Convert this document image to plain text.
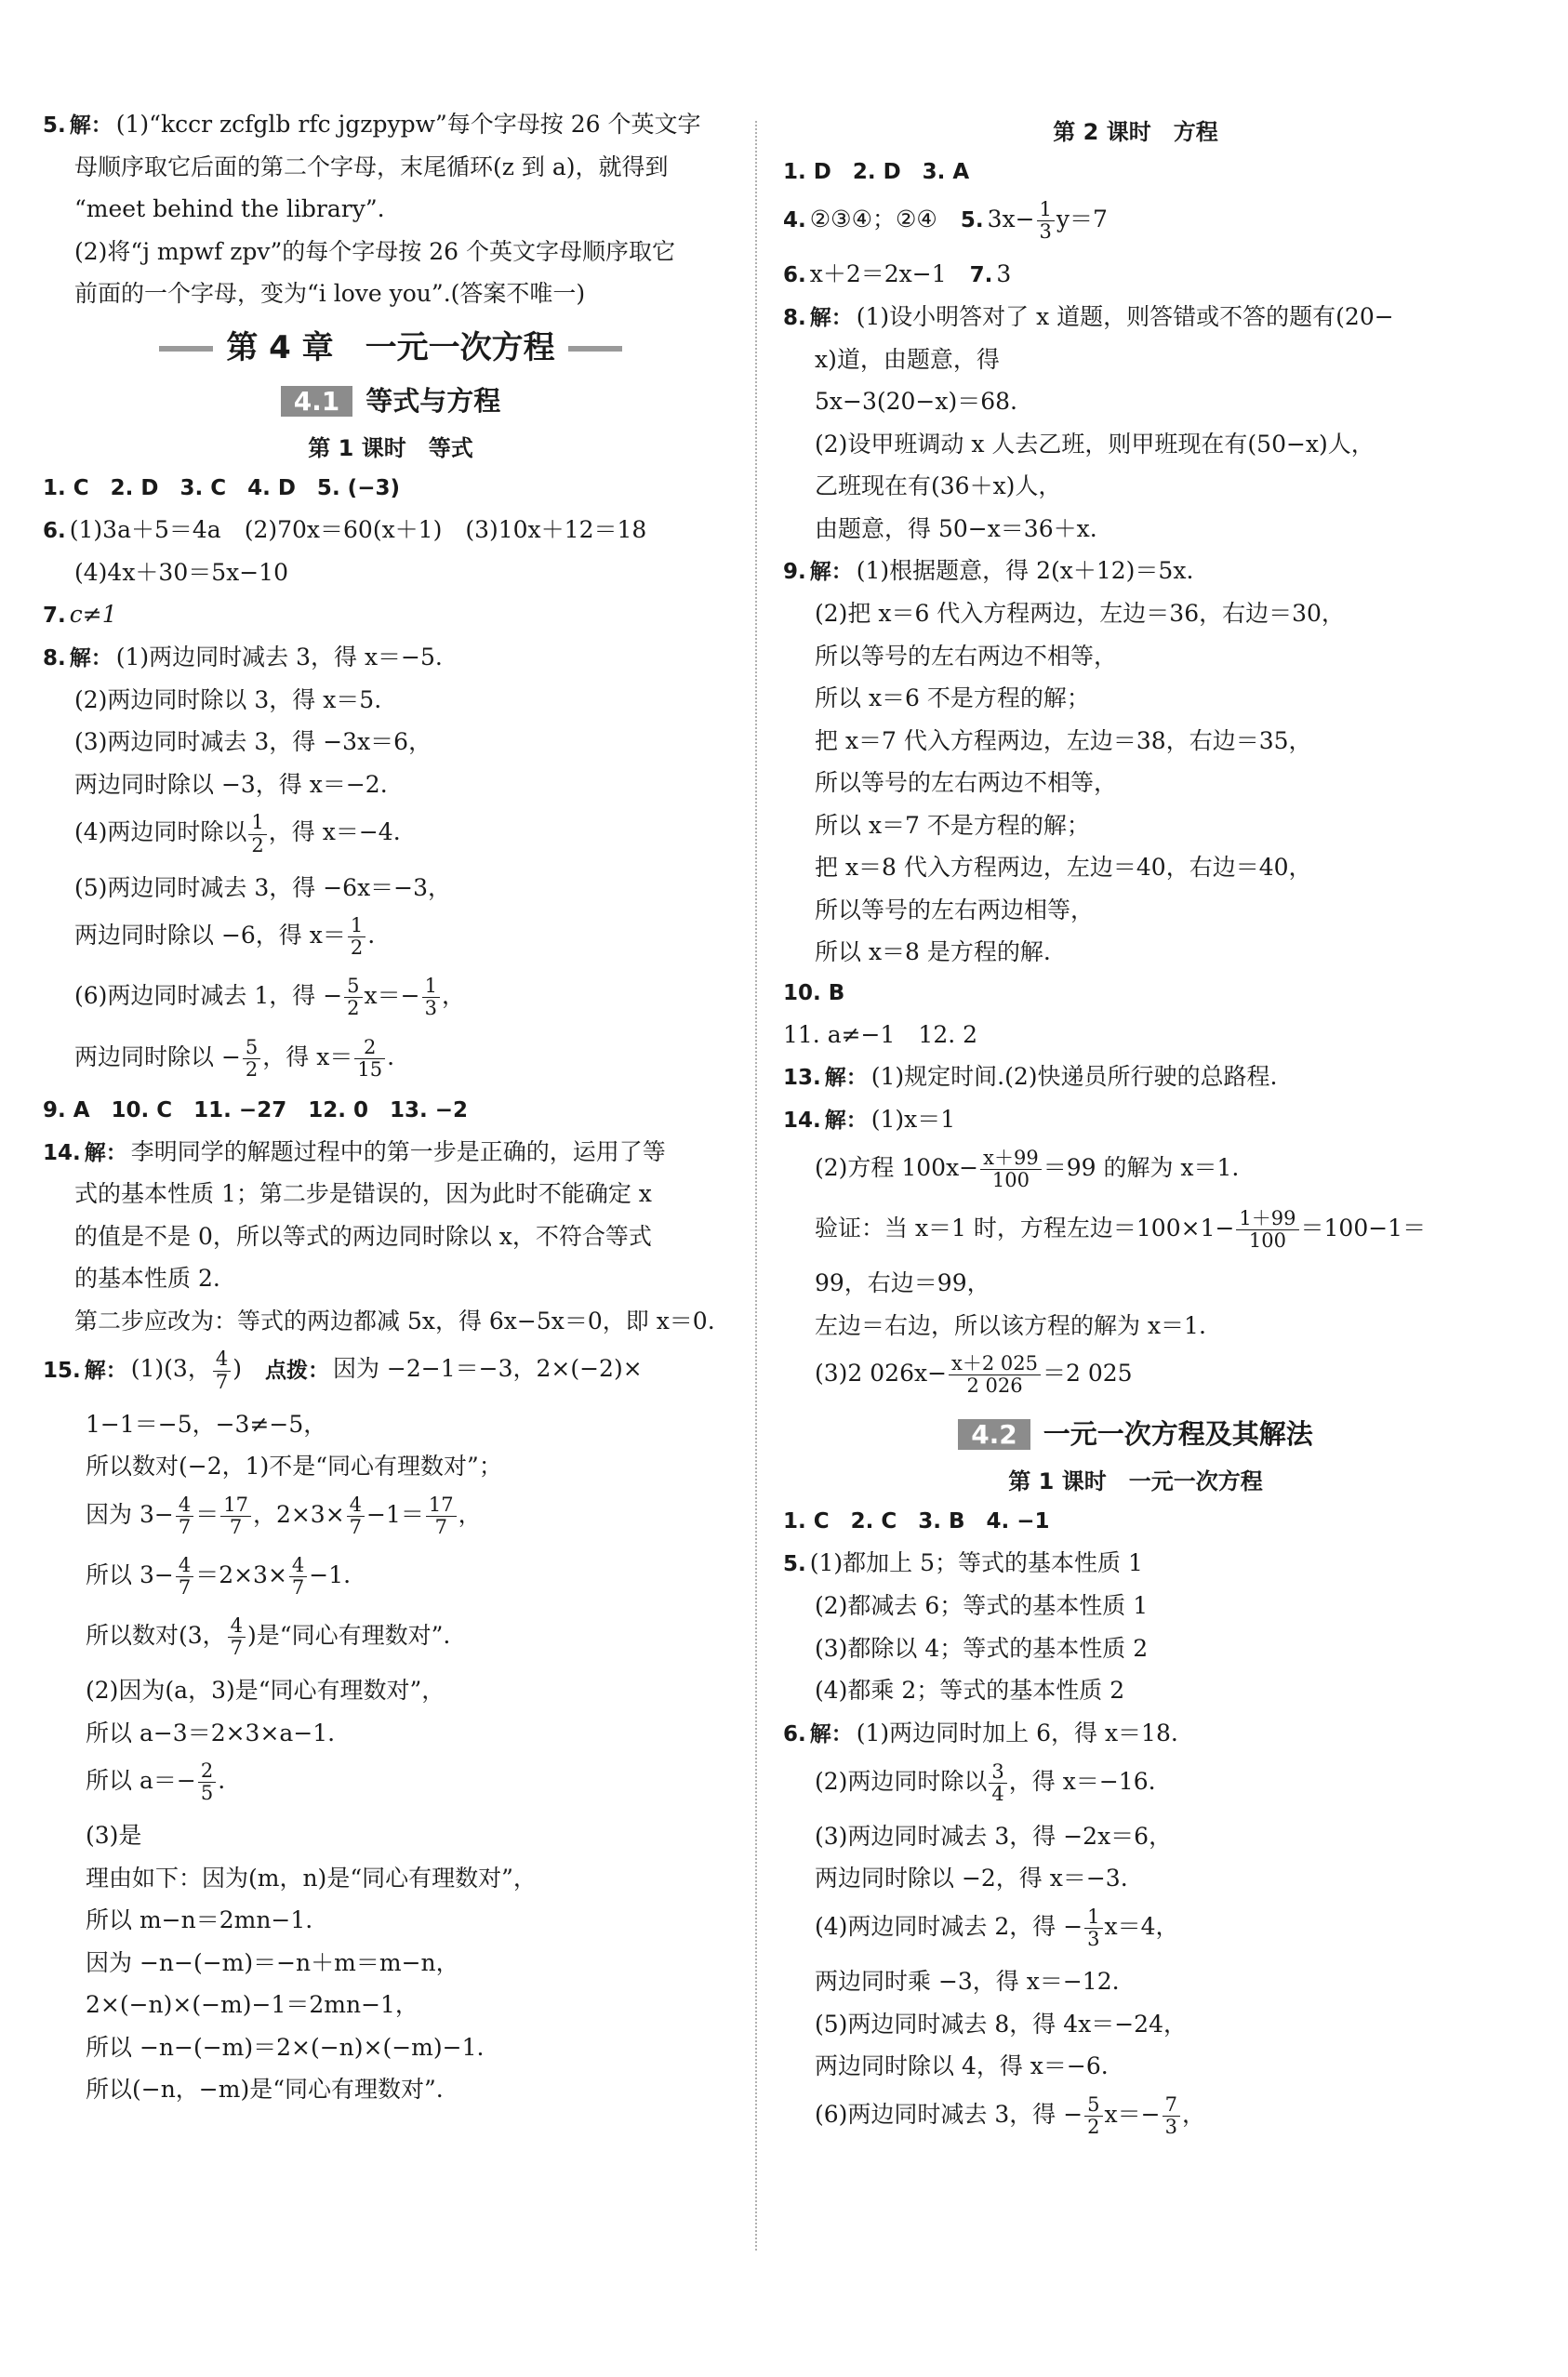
5. 解： (1)“kccr zcfglb rfc jgzpypw”每个字母按 26 个英文字
母顺序取它后面的第二个字母，末尾循环(z 到 a)，就得到
“meet behind the library”.
(2)将“j mpwf zpv”的每个字母按 26 个英文字母顺序取它
前面的一个字母，变为“i love you”.(答案不唯一)
第 4 章　一元一次方程
4.1 等式与方程
第 1 课时　等式
1. C　2. D　3. C　4. D　5. (−3)
6. (1)3a＋5＝4a　(2)70x＝60(x＋1)　(3)10x＋12＝18
(4)4x＋30＝5x−10
7. c≠1
8. 解： (1)两边同时减去 3，得 x＝−5.
(2)两边同时除以 3，得 x＝5.
(3)两边同时减去 3，得 −3x＝6，
两边同时除以 −3，得 x＝−2.
(4)两边同时除以 $\frac{1}{2}$ ，得 x＝−4.
(5)两边同时减去 3，得 −6x＝−3，
两边同时除以 −6，得 $x= \frac{1}{2}$ .
(6)两边同时减去 1，得 − $\frac{5}{2} x=- \frac{1}{3}$ ，
两边同时除以 − $\frac{5}{2}$ ，得 $x= \frac{2}{15}$ .
9. A　10. C　11. −27　12. 0　13. −2
14. 解： 李明同学的解题过程中的第一步是正确的，运用了等
式的基本性质 1；第二步是错误的，因为此时不能确定 x
的值是不是 0，所以等式的两边同时除以 x，不符合等式
的基本性质 2.
第二步应改为：等式的两边都减 5x，得 6x−5x＝0，即 x＝0.
15. 解： (1)(3， $\frac{4}{7}$ )　 点拨： 因为 −2−1＝−3，2×(−2)×
1−1＝−5，−3≠−5，
所以数对(−2，1)不是“同心有理数对”；
因为 $3- \frac{4}{7} = \frac{17}{7}$ ，$2\times 3\times \frac{4}{7} -1= \frac{17}{7}$ ，
所以 $3- \frac{4}{7} =2\times 3\times \frac{4}{7} -1$.
所以数对(3， $\frac{4}{7}$ )是“同心有理数对”.
(2)因为(a，3)是“同心有理数对”，
所以 a−3＝2×3×a−1.
所以 $a=- \frac{2}{5}$ .
(3)是
理由如下：因为(m，n)是“同心有理数对”，
所以 m−n＝2mn−1.
因为 −n−(−m)＝−n＋m＝m−n，
2×(−n)×(−m)−1＝2mn−1，
所以 −n−(−m)＝2×(−n)×(−m)−1.
所以(−n，−m)是“同心有理数对”.
第 2 课时　方程
1. D　2. D　3. A
4. ②③④；②④　 5. $3x- \frac{1}{3} y=7$
6. x＋2＝2x−1　 7. 3
8. 解： (1)设小明答对了 x 道题，则答错或不答的题有(20−
x)道，由题意，得
5x−3(20−x)＝68.
(2)设甲班调动 x 人去乙班，则甲班现在有(50−x)人，
乙班现在有(36＋x)人，
由题意，得 50−x＝36＋x.
9. 解： (1)根据题意，得 2(x＋12)＝5x.
(2)把 x＝6 代入方程两边，左边＝36，右边＝30，
所以等号的左右两边不相等，
所以 x＝6 不是方程的解；
把 x＝7 代入方程两边，左边＝38，右边＝35，
所以等号的左右两边不相等，
所以 x＝7 不是方程的解；
把 x＝8 代入方程两边，左边＝40，右边＝40，
所以等号的左右两边相等，
所以 x＝8 是方程的解.
10. B
11. a≠−1　12. 2
13. 解： (1)规定时间.(2)快递员所行驶的总路程.
14. 解： (1)x＝1
(2)方程 $100x- \frac{x+99}{100} =99$ 的解为 x＝1.
验证：当 x＝1 时，方程左边$=100\times 1- \frac{1+99}{100} =100-1=$
99，右边＝99，
左边＝右边，所以该方程的解为 x＝1.
(3)2 $026x- \frac{x+2 025}{2 026} =2$ 025
4.2 一元一次方程及其解法
第 1 课时　一元一次方程
1. C　2. C　3. B　4. −1
5. (1)都加上 5；等式的基本性质 1
(2)都减去 6；等式的基本性质 1
(3)都除以 4；等式的基本性质 2
(4)都乘 2；等式的基本性质 2
6. 解： (1)两边同时加上 6，得 x＝18.
(2)两边同时除以 $\frac{3}{4}$ ，得 x＝−16.
(3)两边同时减去 3，得 −2x＝6，
两边同时除以 −2，得 x＝−3.
(4)两边同时减去 2，得 − $\frac{1}{3} x=4$，
两边同时乘 −3，得 x＝−12.
(5)两边同时减去 8，得 4x＝−24，
两边同时除以 4，得 x＝−6.
(6)两边同时减去 3，得 − $\frac{5}{2} x=- \frac{7}{3}$ ，
